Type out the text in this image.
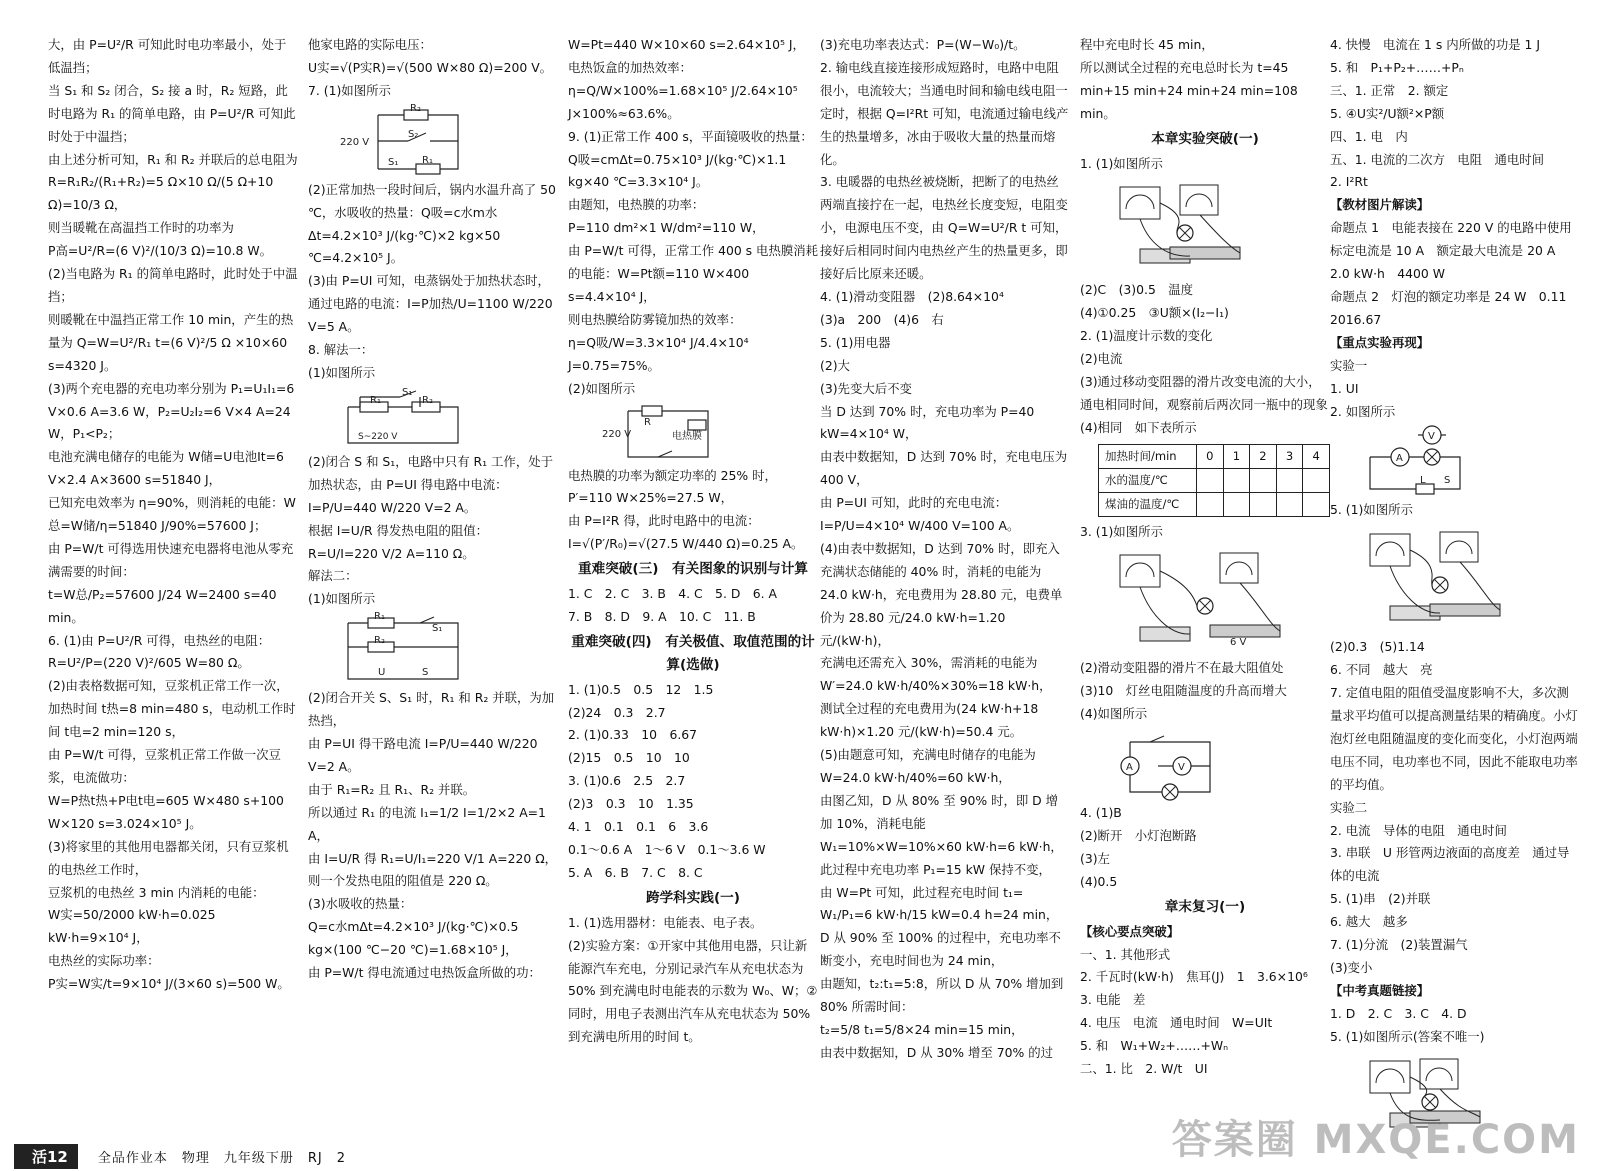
大，由 P=U²/R 可知此时电功率最小，处于低温挡；

当 S₁ 和 S₂ 闭合，S₂ 接 a 时，R₂ 短路，此时电路为 R₁ 的简单电路，由 P=U²/R 可知此时处于中温挡；

由上述分析可知，R₁ 和 R₂ 并联后的总电阻为 R=R₁R₂/(R₁+R₂)=5 Ω×10 Ω/(5 Ω+10 Ω)=10/3 Ω，

则当暖靴在高温挡工作时的功率为

P高=U²/R=(6 V)²/(10/3 Ω)=10.8 W。

(2)当电路为 R₁ 的简单电路时，此时处于中温挡；

则暖靴在中温挡正常工作 10 min，产生的热量为 Q=W=U²/R₁ t=(6 V)²/5 Ω ×10×60 s=4320 J。

(3)两个充电器的充电功率分别为 P₁=U₁I₁=6 V×0.6 A=3.6 W，P₂=U₂I₂=6 V×4 A=24 W，P₁<P₂；

电池充满电储存的电能为 W储=U电池It=6 V×2.4 A×3600 s=51840 J，

已知充电效率为 η=90%，则消耗的电能：W总=W储/η=51840 J/90%=57600 J；

由 P=W/t 可得选用快速充电器将电池从零充满需要的时间：

t=W总/P₂=57600 J/24 W=2400 s=40 min。

6. (1)由 P=U²/R 可得，电热丝的电阻：

R=U²/P=(220 V)²/605 W=80 Ω。

(2)由表格数据可知，豆浆机正常工作一次，加热时间 t热=8 min=480 s，电动机工作时间 t电=2 min=120 s，

由 P=W/t 可得，豆浆机正常工作做一次豆浆，电流做功：

W=P热t热+P电t电=605 W×480 s+100 W×120 s=3.024×10⁵ J。

(3)将家里的其他用电器都关闭，只有豆浆机的电热丝工作时，

豆浆机的电热丝 3 min 内消耗的电能：

W实=50/2000 kW·h=0.025 kW·h=9×10⁴ J，

电热丝的实际功率：

P实=W实/t=9×10⁴ J/(3×60 s)=500 W。

他家电路的实际电压：

U实=√(P实R)=√(500 W×80 Ω)=200 V。

7. (1)如图所示

220 V
R₂
S₂
S₁ R₁

(2)正常加热一段时间后，锅内水温升高了 50 ℃，水吸收的热量：Q吸=c水m水Δt=4.2×10³ J/(kg·℃)×2 kg×50 ℃=4.2×10⁵ J。

(3)由 P=UI 可知，电蒸锅处于加热状态时，通过电路的电流：I=P加热/U=1100 W/220 V=5 A。

8. 解法一：

(1)如图所示

R₁	R₂
S₁
S~220 V

(2)闭合 S 和 S₁，电路中只有 R₁ 工作，处于加热状态，由 P=UI 得电路中电流：I=P/U=440 W/220 V=2 A。

根据 I=U/R 得发热电阻的阻值：

R=U/I=220 V/2 A=110 Ω。

解法二：

(1)如图所示

R₁
R₂
S₁
S
U

(2)闭合开关 S、S₁ 时，R₁ 和 R₂ 并联，为加热挡，

由 P=UI 得干路电流 I=P/U=440 W/220 V=2 A。

由于 R₁=R₂ 且 R₁、R₂ 并联。

所以通过 R₁ 的电流 I₁=1/2 I=1/2×2 A=1 A，

由 I=U/R 得 R₁=U/I₁=220 V/1 A=220 Ω，

则一个发热电阻的阻值是 220 Ω。

(3)水吸收的热量：

Q=c水mΔt=4.2×10³ J/(kg·℃)×0.5 kg×(100 ℃−20 ℃)=1.68×10⁵ J，

由 P=W/t 得电流通过电热饭盒所做的功：

W=Pt=440 W×10×60 s=2.64×10⁵ J，

电热饭盒的加热效率：

η=Q/W×100%=1.68×10⁵ J/2.64×10⁵ J×100%≈63.6%。

9. (1)正常工作 400 s，平面镜吸收的热量：

Q吸=cmΔt=0.75×10³ J/(kg·℃)×1.1 kg×40 ℃=3.3×10⁴ J。

由题知，电热膜的功率：

P=110 dm²×1 W/dm²=110 W，

由 P=W/t 可得，正常工作 400 s 电热膜消耗的电能：W=Pt额=110 W×400 s=4.4×10⁴ J，

则电热膜给防雾镜加热的效率：

η=Q吸/W=3.3×10⁴ J/4.4×10⁴ J=0.75=75%。

(2)如图所示

R
220 V	电热膜

电热膜的功率为额定功率的 25% 时，

P′=110 W×25%=27.5 W，

由 P=I²R 得，此时电路中的电流：

I=√(P′/R₀)=√(27.5 W/440 Ω)=0.25 A。

重难突破(三)　有关图象的识别与计算

1. C　2. C　3. B　4. C　5. D　6. A

7. B　8. D　9. A　10. C　11. B

重难突破(四)　有关极值、取值范围的计算(选做)

1. (1)0.5　0.5　12　1.5

(2)24　0.3　2.7

2. (1)0.33　10　6.67

(2)15　0.5　10　10

3. (1)0.6　2.5　2.7

(2)3　0.3　10　1.35

4. 1　0.1　0.1　6　3.6

0.1～0.6 A　1～6 V　0.1～3.6 W

5. A　6. B　7. C　8. C

跨学科实践(一)

1. (1)选用器材：电能表、电子表。

(2)实验方案：①开家中其他用电器，只让新能源汽车充电，分别记录汽车从充电状态为 50% 到充满电时电能表的示数为 W₀、W；②同时，用电子表测出汽车从充电状态为 50% 到充满电所用的时间 t。

(3)充电功率表达式：P=(W−W₀)/t。

2. 输电线直接连接形成短路时，电路中电阻很小，电流较大；当通电时间和输电线电阻一定时，根据 Q=I²Rt 可知，电流通过输电线产生的热量增多，冰由于吸收大量的热量而熔化。

3. 电暖器的电热丝被烧断，把断了的电热丝两端直接拧在一起，电热丝长度变短，电阻变小，电源电压不变，由 Q=W=U²/R t 可知，接好后相同时间内电热丝产生的热量更多，即接好后比原来还暖。

4. (1)滑动变阻器　(2)8.64×10⁴

(3)a　200　(4)6　右

5. (1)用电器

(2)大

(3)先变大后不变

当 D 达到 70% 时，充电功率为 P=40 kW=4×10⁴ W，

由表中数据知，D 达到 70% 时，充电电压为 400 V，

由 P=UI 可知，此时的充电电流：

I=P/U=4×10⁴ W/400 V=100 A。

(4)由表中数据知，D 达到 70% 时，即充入充满状态储能的 40% 时，消耗的电能为 24.0 kW·h，充电费用为 28.80 元，电费单价为 28.80 元/24.0 kW·h=1.20 元/(kW·h)，

充满电还需充入 30%，需消耗的电能为

W′=24.0 kW·h/40%×30%=18 kW·h，

测试全过程的充电费用为(24 kW·h+18 kW·h)×1.20 元/(kW·h)=50.4 元。

(5)由题意可知，充满电时储存的电能为

W=24.0 kW·h/40%=60 kW·h，

由图乙知，D 从 80% 至 90% 时，即 D 增加 10%，消耗电能 W₁=10%×W=10%×60 kW·h=6 kW·h，此过程中充电功率 P₁=15 kW 保持不变，

由 W=Pt 可知，此过程充电时间 t₁=

W₁/P₁=6 kW·h/15 kW=0.4 h=24 min，

D 从 90% 至 100% 的过程中，充电功率不断变小，充电时间也为 24 min，

由题知，t₂:t₁=5:8，所以 D 从 70% 增加到 80% 所需时间：

t₂=5/8 t₁=5/8×24 min=15 min，

由表中数据知，D 从 30% 增至 70% 的过

程中充电时长 45 min，

所以测试全过程的充电总时长为 t=45 min+15 min+24 min+24 min=108 min。

本章实验突破(一)

1. (1)如图所示

(2)C　(3)0.5　温度

(4)①0.25　③U额×(I₂−I₁)

2. (1)温度计示数的变化

(2)电流

(3)通过移动变阻器的滑片改变电流的大小，通电相同时间，观察前后两次同一瓶中的现象

(4)相同　如下表所示

加热时间/min	0	1	2	3	4
水的温度/℃					
煤油的温度/℃					

3. (1)如图所示

6 V

(2)滑动变阻器的滑片不在最大阻值处

(3)10　灯丝电阻随温度的升高而增大

(4)如图所示

A	V

4. (1)B

(2)断开　小灯泡断路

(3)左

(4)0.5

章末复习(一)

【核心要点突破】

一、1. 其他形式

2. 千瓦时(kW·h)　焦耳(J)　1　3.6×10⁶

3. 电能　差

4. 电压　电流　通电时间　W=UIt

5. 和　W₁+W₂+……+Wₙ

二、1. 比　2. W/t　UI

4. 快慢　电流在 1 s 内所做的功是 1 J

5. 和　P₁+P₂+……+Pₙ

三、1. 正常　2. 额定

5. ④U实²/U额²×P额

四、1. 电　内

五、1. 电流的二次方　电阻　通电时间

2. I²Rt

【教材图片解读】

命题点 1　电能表接在 220 V 的电路中使用　标定电流是 10 A　额定最大电流是 20 A　2.0 kW·h　4400 W

命题点 2　灯泡的额定功率是 24 W　0.11　2016.67

【重点实验再现】

实验一

1. UI

2. 如图所示

A
V
L S

5. (1)如图所示

(2)0.3　(5)1.14

6. 不同　越大　亮

7. 定值电阻的阻值受温度影响不大，多次测量求平均值可以提高测量结果的精确度。小灯泡灯丝电阻随温度的变化而变化，小灯泡两端电压不同，电功率也不同，因此不能取电功率的平均值。

实验二

2. 电流　导体的电阻　通电时间

3. 串联　U 形管两边液面的高度差　通过导体的电流

5. (1)串　(2)并联

6. 越大　越多

7. (1)分流　(2)装置漏气

(3)变小

【中考真题链接】

1. D　2. C　3. C　4. D

5. (1)如图所示(答案不唯一)

活12	全品作业本　物理　九年级下册　RJ　2	答案圈 MXQE.COM
